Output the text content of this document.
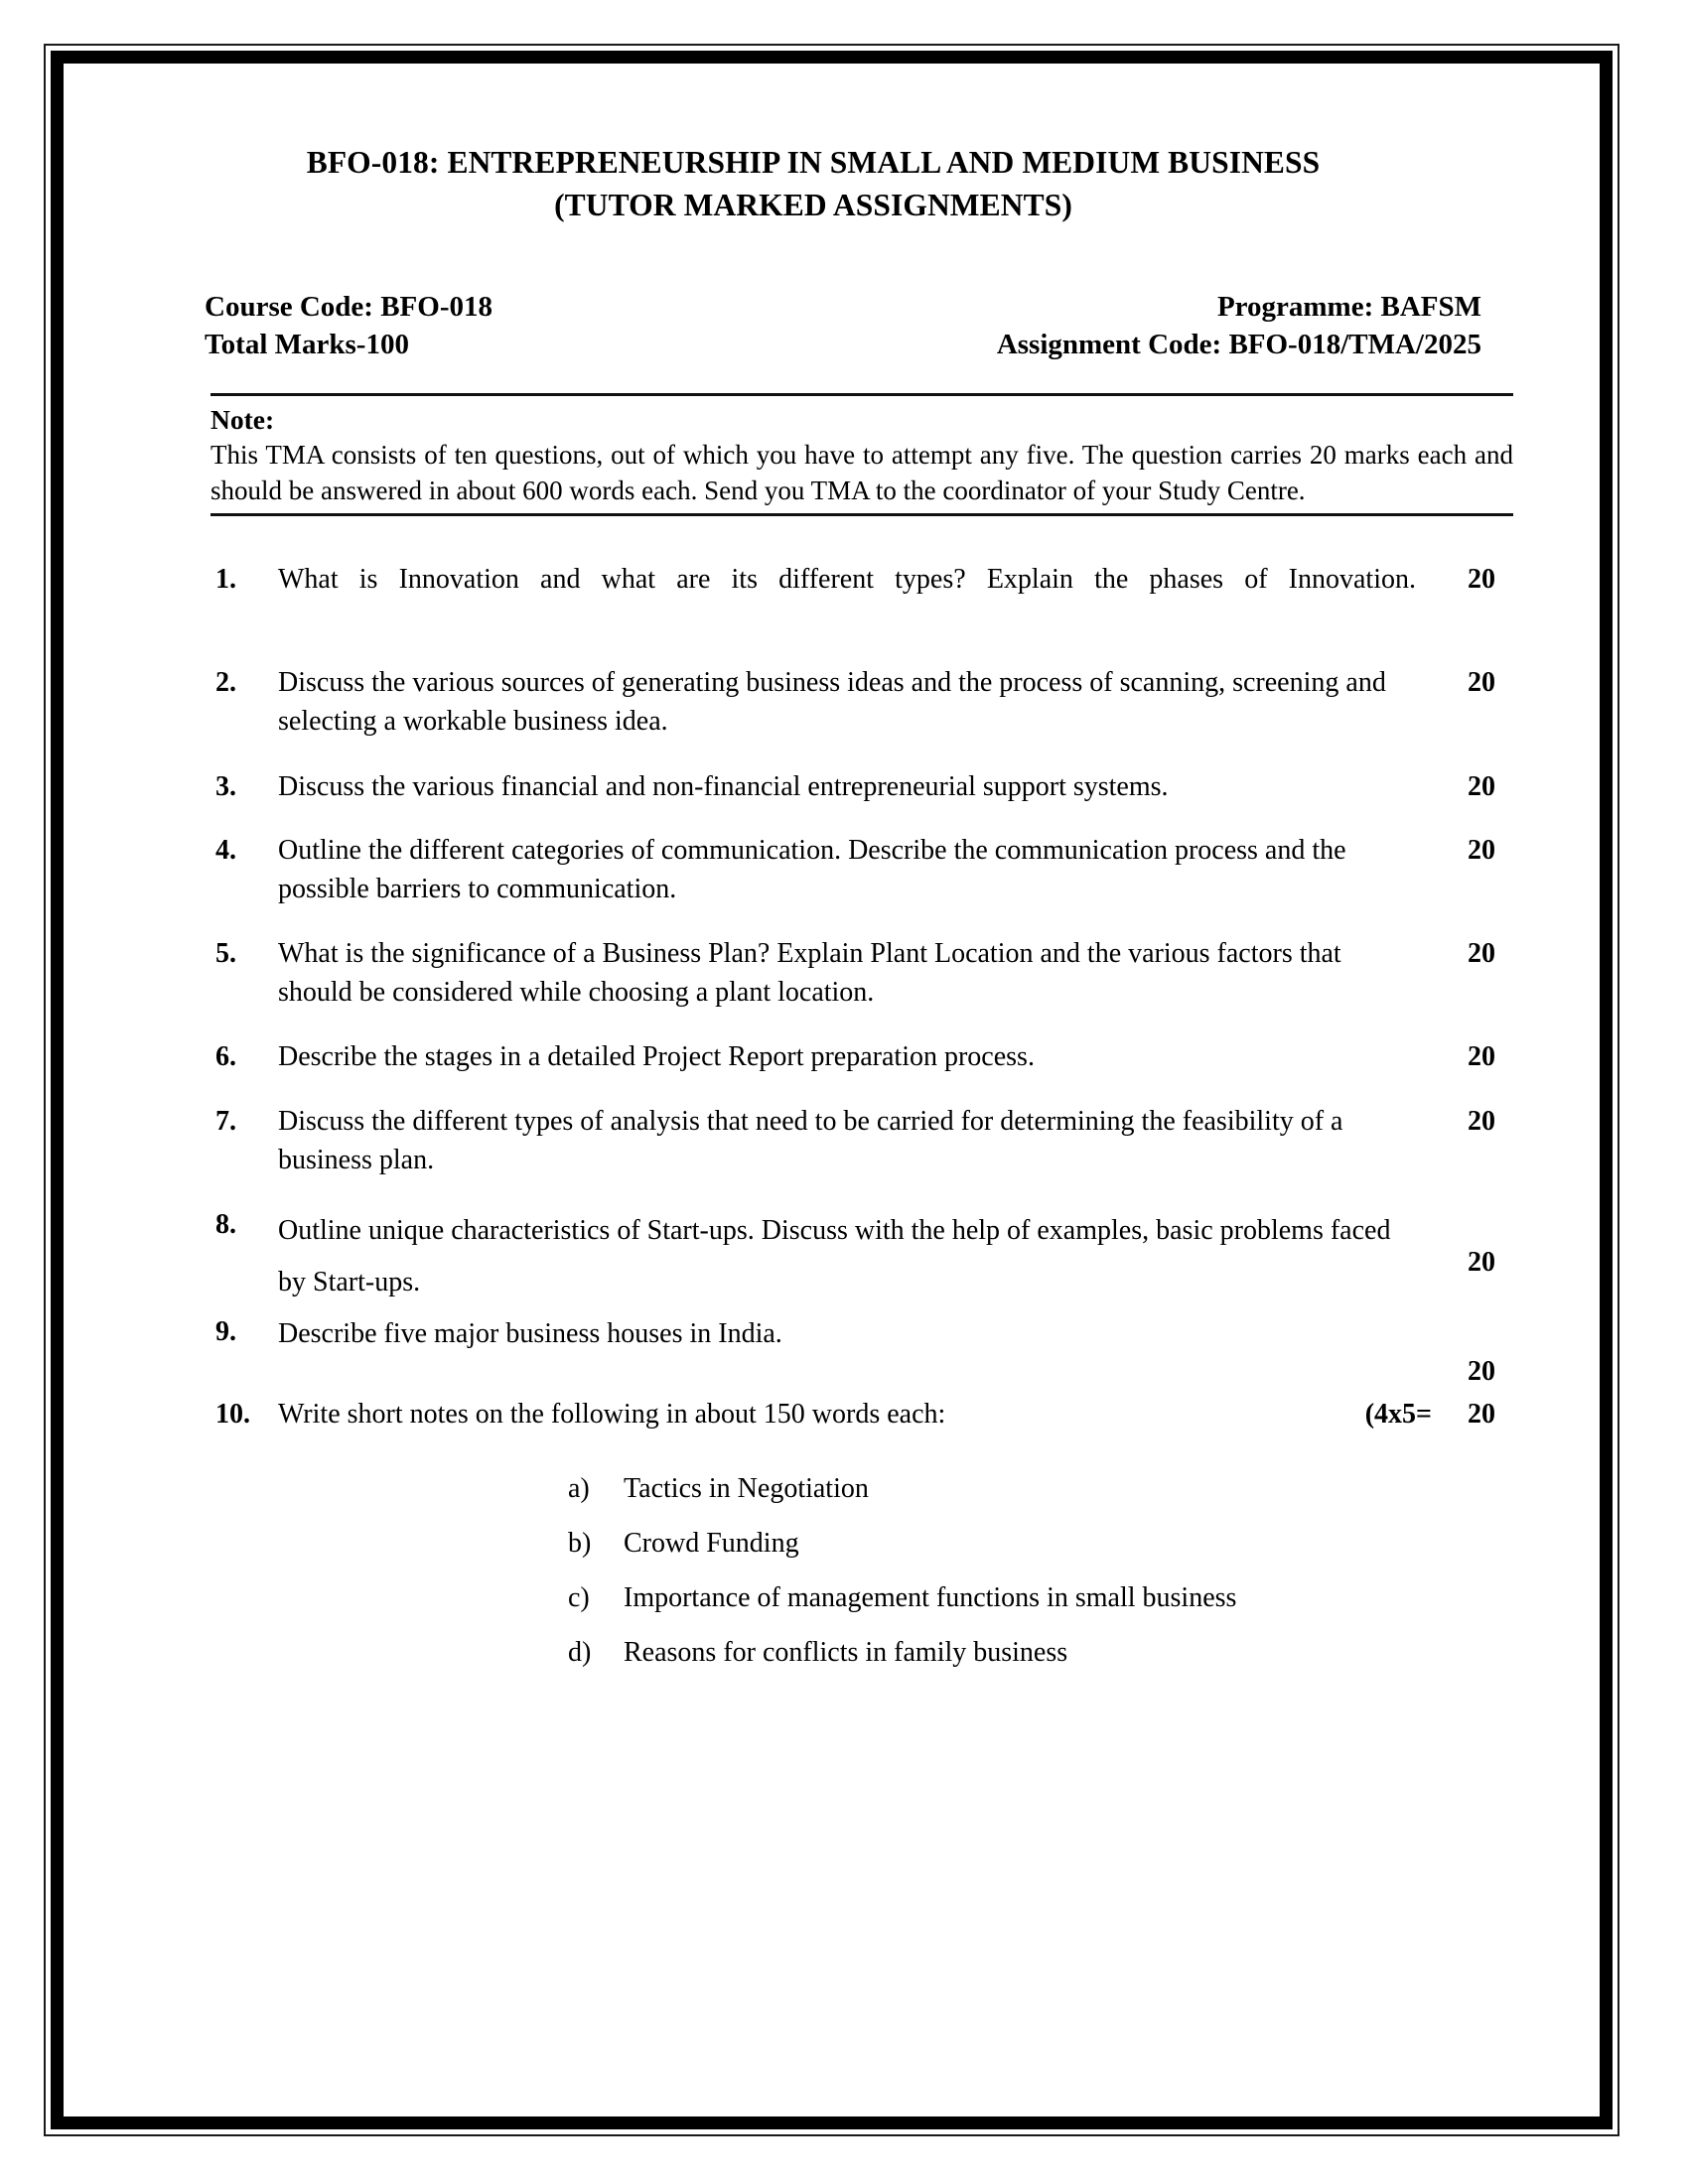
BFO-018: ENTREPRENEURSHIP IN SMALL AND MEDIUM BUSINESS
(TUTOR MARKED ASSIGNMENTS)
Course Code: BFO-018	Programme: BAFSM
Total Marks-100	Assignment Code: BFO-018/TMA/2025
Note:
This TMA consists of ten questions, out of which you have to attempt any five. The question carries 20 marks each and should be answered in about 600 words each. Send you TMA to the coordinator of your Study Centre.
1.	What is Innovation and what are its different types? Explain the phases of Innovation.	20
2.	Discuss the various sources of generating business ideas and the process of scanning, screening and selecting a workable business idea.
20
3.	Discuss the various financial and non-financial entrepreneurial support systems.	20
4.	Outline the different categories of communication. Describe the communication process and the possible barriers to communication.
20
5.	What is the significance of a Business Plan? Explain Plant Location and the various factors that should be considered while choosing a plant location.
20
6.	Describe the stages in a detailed Project Report preparation process.	20
7.	Discuss the different types of analysis that need to be carried for determining the feasibility of a business plan.
20
8.	Outline unique characteristics of Start-ups. Discuss with the help of examples, basic problems faced by Start-ups.
20
9.	Describe five major business houses in India.
20
10.	Write short notes on the following in about 150 words each:	(4x5=	20
a)	Tactics in Negotiation
b)	Crowd Funding
c)	Importance of management functions in small business
d)	Reasons for conflicts in family business
